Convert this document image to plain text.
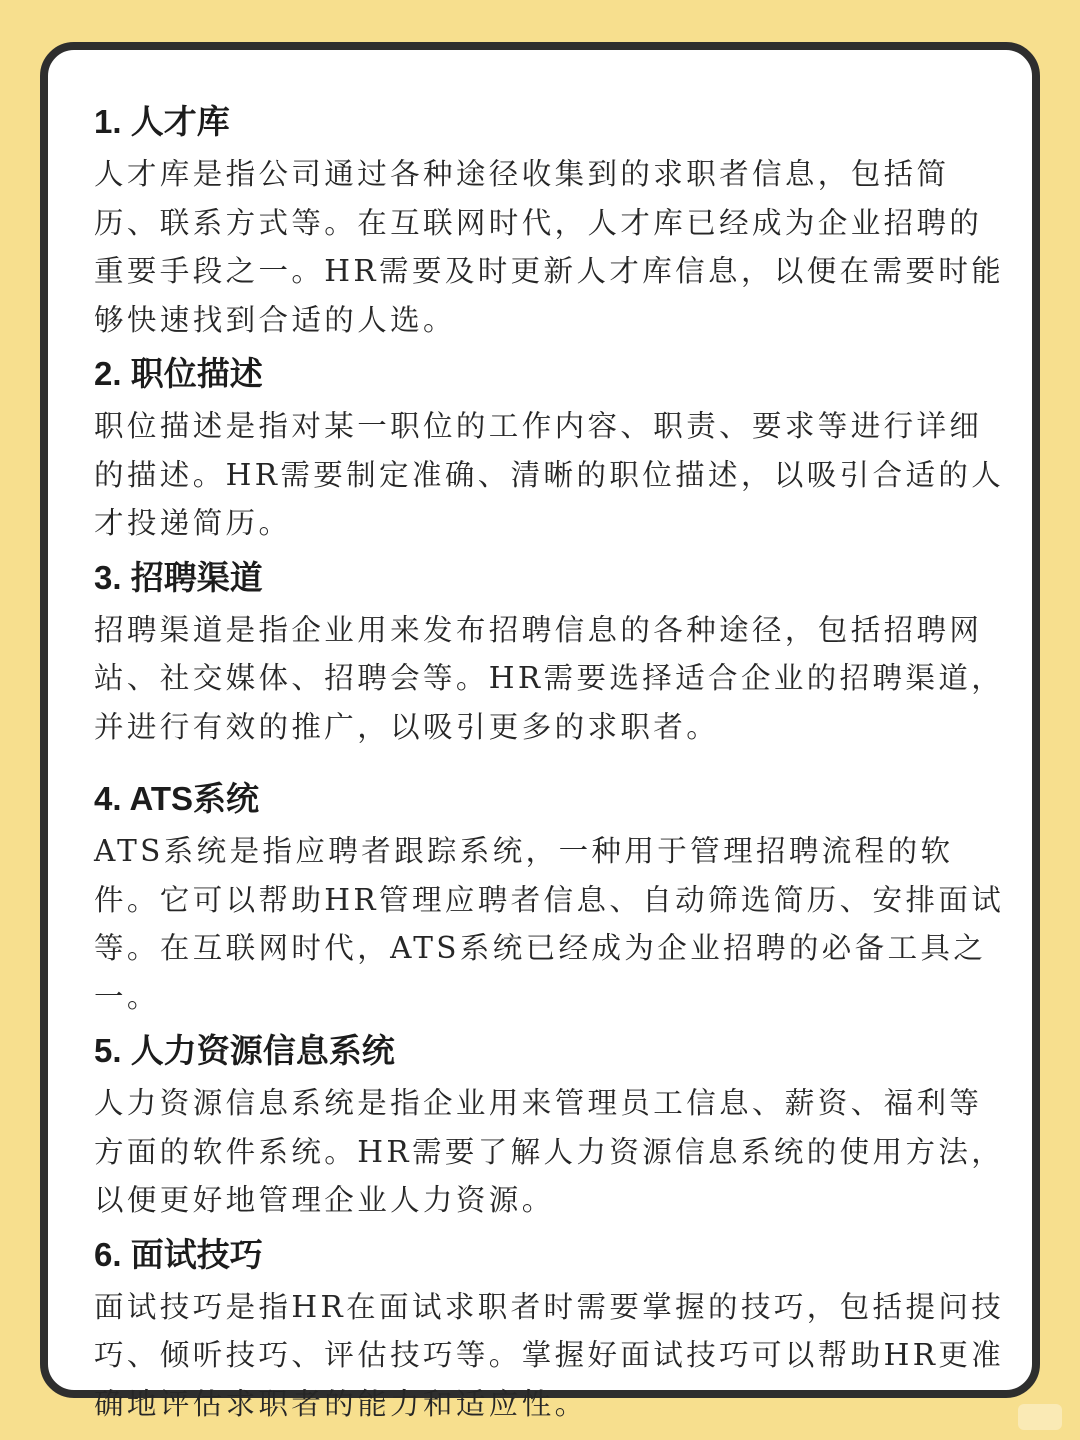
1. 人才库

人才库是指公司通过各种途径收集到的求职者信息，包括简历、联系方式等。在互联网时代，人才库已经成为企业招聘的重要手段之一。HR需要及时更新人才库信息，以便在需要时能够快速找到合适的人选。

2. 职位描述

职位描述是指对某一职位的工作内容、职责、要求等进行详细的描述。HR需要制定准确、清晰的职位描述，以吸引合适的人才投递简历。

3. 招聘渠道

招聘渠道是指企业用来发布招聘信息的各种途径，包括招聘网站、社交媒体、招聘会等。HR需要选择适合企业的招聘渠道，并进行有效的推广，以吸引更多的求职者。

4. ATS系统

ATS系统是指应聘者跟踪系统，一种用于管理招聘流程的软件。它可以帮助HR管理应聘者信息、自动筛选简历、安排面试等。在互联网时代，ATS系统已经成为企业招聘的必备工具之一。

5. 人力资源信息系统

人力资源信息系统是指企业用来管理员工信息、薪资、福利等方面的软件系统。HR需要了解人力资源信息系统的使用方法，以便更好地管理企业人力资源。

6. 面试技巧

面试技巧是指HR在面试求职者时需要掌握的技巧，包括提问技巧、倾听技巧、评估技巧等。掌握好面试技巧可以帮助HR更准确地评估求职者的能力和适应性。
